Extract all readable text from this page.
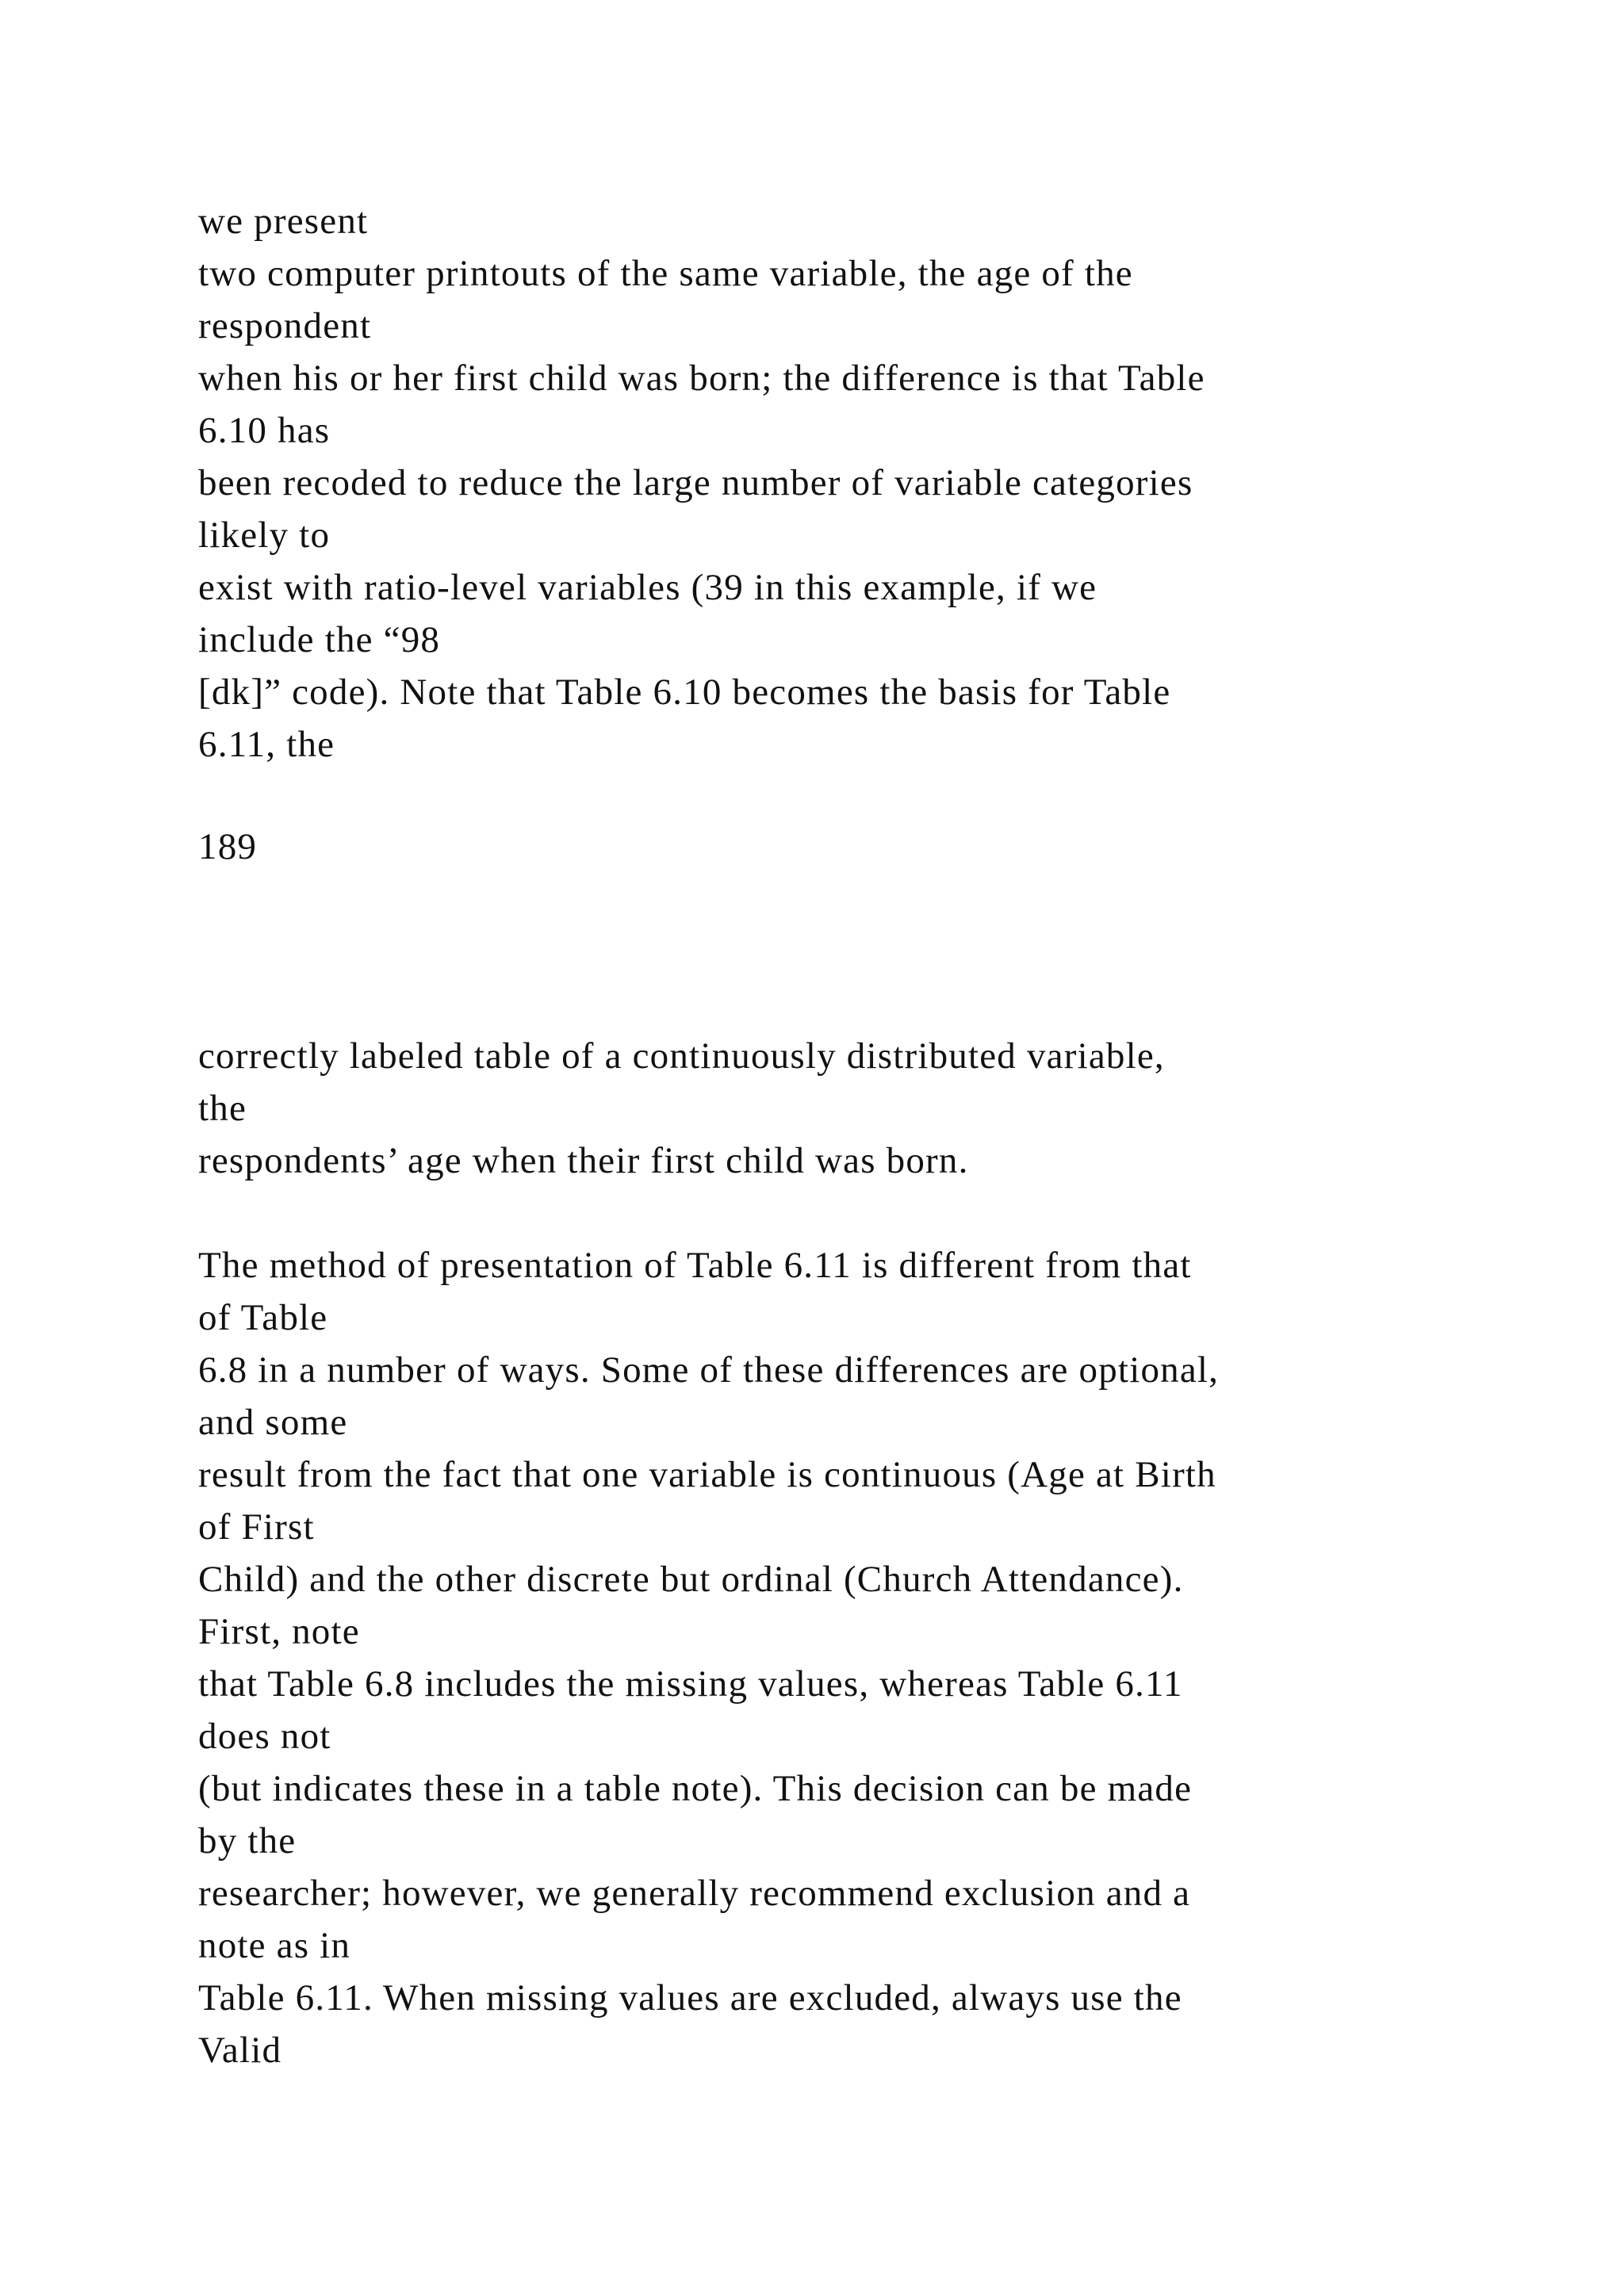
we present
two computer printouts of the same variable, the age of the
respondent
when his or her first child was born; the difference is that Table
6.10 has
been recoded to reduce the large number of variable categories
likely to
exist with ratio-level variables (39 in this example, if we
include the “98
[dk]” code). Note that Table 6.10 becomes the basis for Table
6.11, the
189
correctly labeled table of a continuously distributed variable,
the
respondents’ age when their first child was born.
The method of presentation of Table 6.11 is different from that
of Table
6.8 in a number of ways. Some of these differences are optional,
and some
result from the fact that one variable is continuous (Age at Birth
of First
Child) and the other discrete but ordinal (Church Attendance).
First, note
that Table 6.8 includes the missing values, whereas Table 6.11
does not
(but indicates these in a table note). This decision can be made
by the
researcher; however, we generally recommend exclusion and a
note as in
Table 6.11. When missing values are excluded, always use the
Valid
